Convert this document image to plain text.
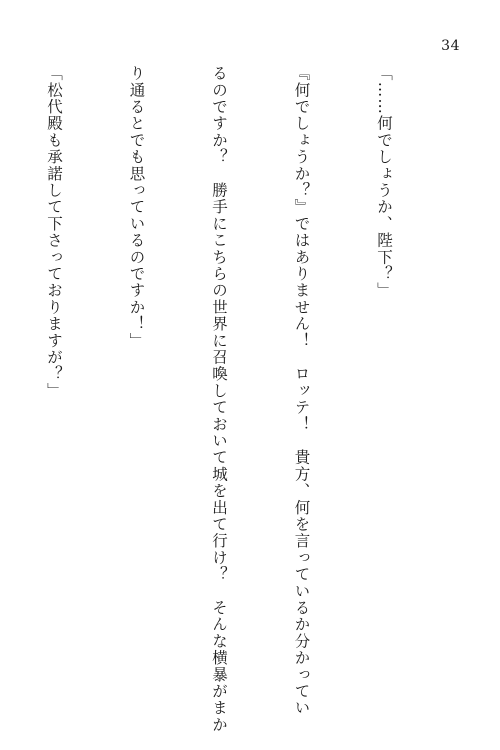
34

「……何でしょうか、陛下？」

『何でしょうか？』ではありません！　ロッテ！　貴方、何を言っているか分かってい

るのですか？　勝手にこちらの世界に召喚しておいて城を出て行け？　そんな横暴がまか

り通るとでも思っているのですか！」

「松代殿も承諾して下さっておりますが？」
